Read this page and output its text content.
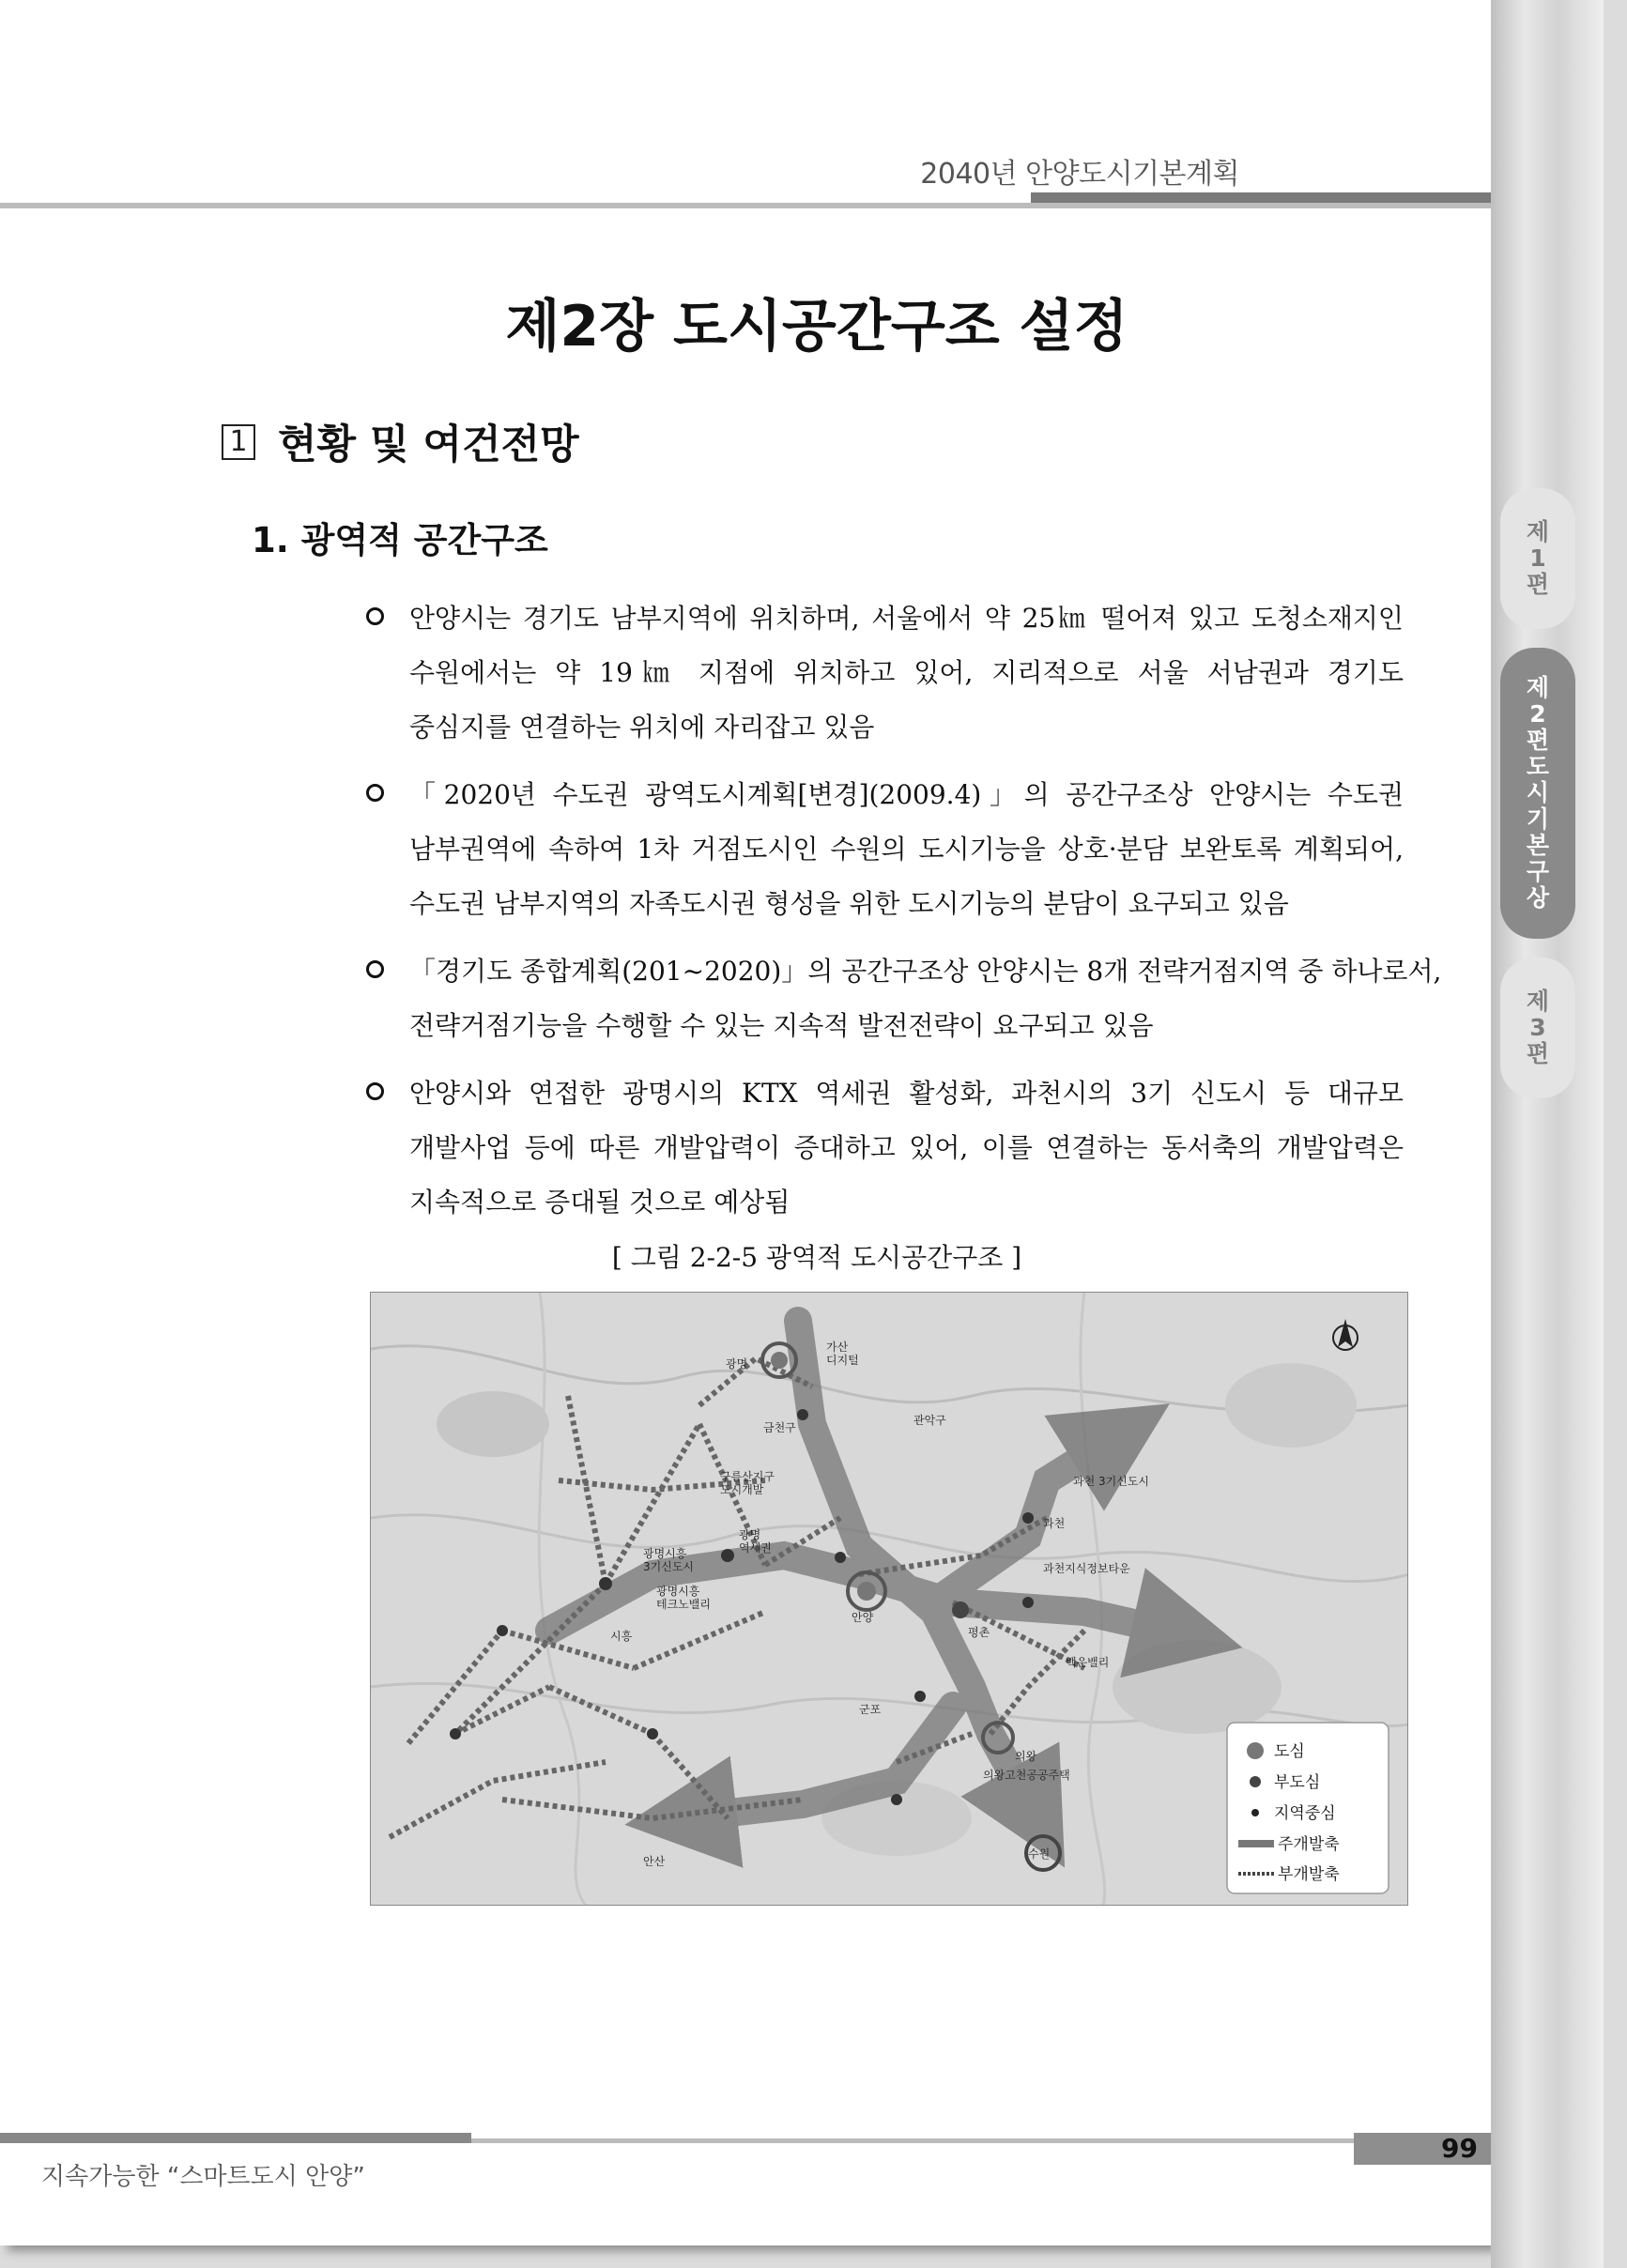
2040년 안양도시기본계획
제2장 도시공간구조 설정
1 현황 및 여건전망
1. 광역적 공간구조
안양시는 경기도 남부지역에 위치하며, 서울에서 약 25㎞ 떨어져 있고 도청소재지인
수원에서는 약 19㎞ 지점에 위치하고 있어, 지리적으로 서울 서남권과 경기도
중심지를 연결하는 위치에 자리잡고 있음
「2020년 수도권 광역도시계획[변경](2009.4)」의 공간구조상 안양시는 수도권
남부권역에 속하여 1차 거점도시인 수원의 도시기능을 상호·분담 보완토록 계획되어,
수도권 남부지역의 자족도시권 형성을 위한 도시기능의 분담이 요구되고 있음
「경기도 종합계획(201~2020)」의 공간구조상 안양시는 8개 전략거점지역 중 하나로서,
전략거점기능을 수행할 수 있는 지속적 발전전략이 요구되고 있음
안양시와 연접한 광명시의 KTX 역세권 활성화, 과천시의 3기 신도시 등 대규모
개발사업 등에 따른 개발압력이 증대하고 있어, 이를 연결하는 동서축의 개발압력은
지속적으로 증대될 것으로 예상됨
[ 그림 2-2-5 광역적 도시공간구조 ]
가산 디지털
광명
금천구
관악구
구름산지구 도시개발
광명 역세권
광명시흥 3기신도시
광명시흥 테크노밸리
과천 3기신도시
과천
과천지식정보타운
안양
평촌
시흥
백운밸리
군포
의왕
의왕고천공공주택
안산
수원
도심
부도심
지역중심
주개발축
부개발축
99
지속가능한 “스마트도시 안양”
제
1
편
제
2
편
도
시
기
본
구
상
제
3
편
